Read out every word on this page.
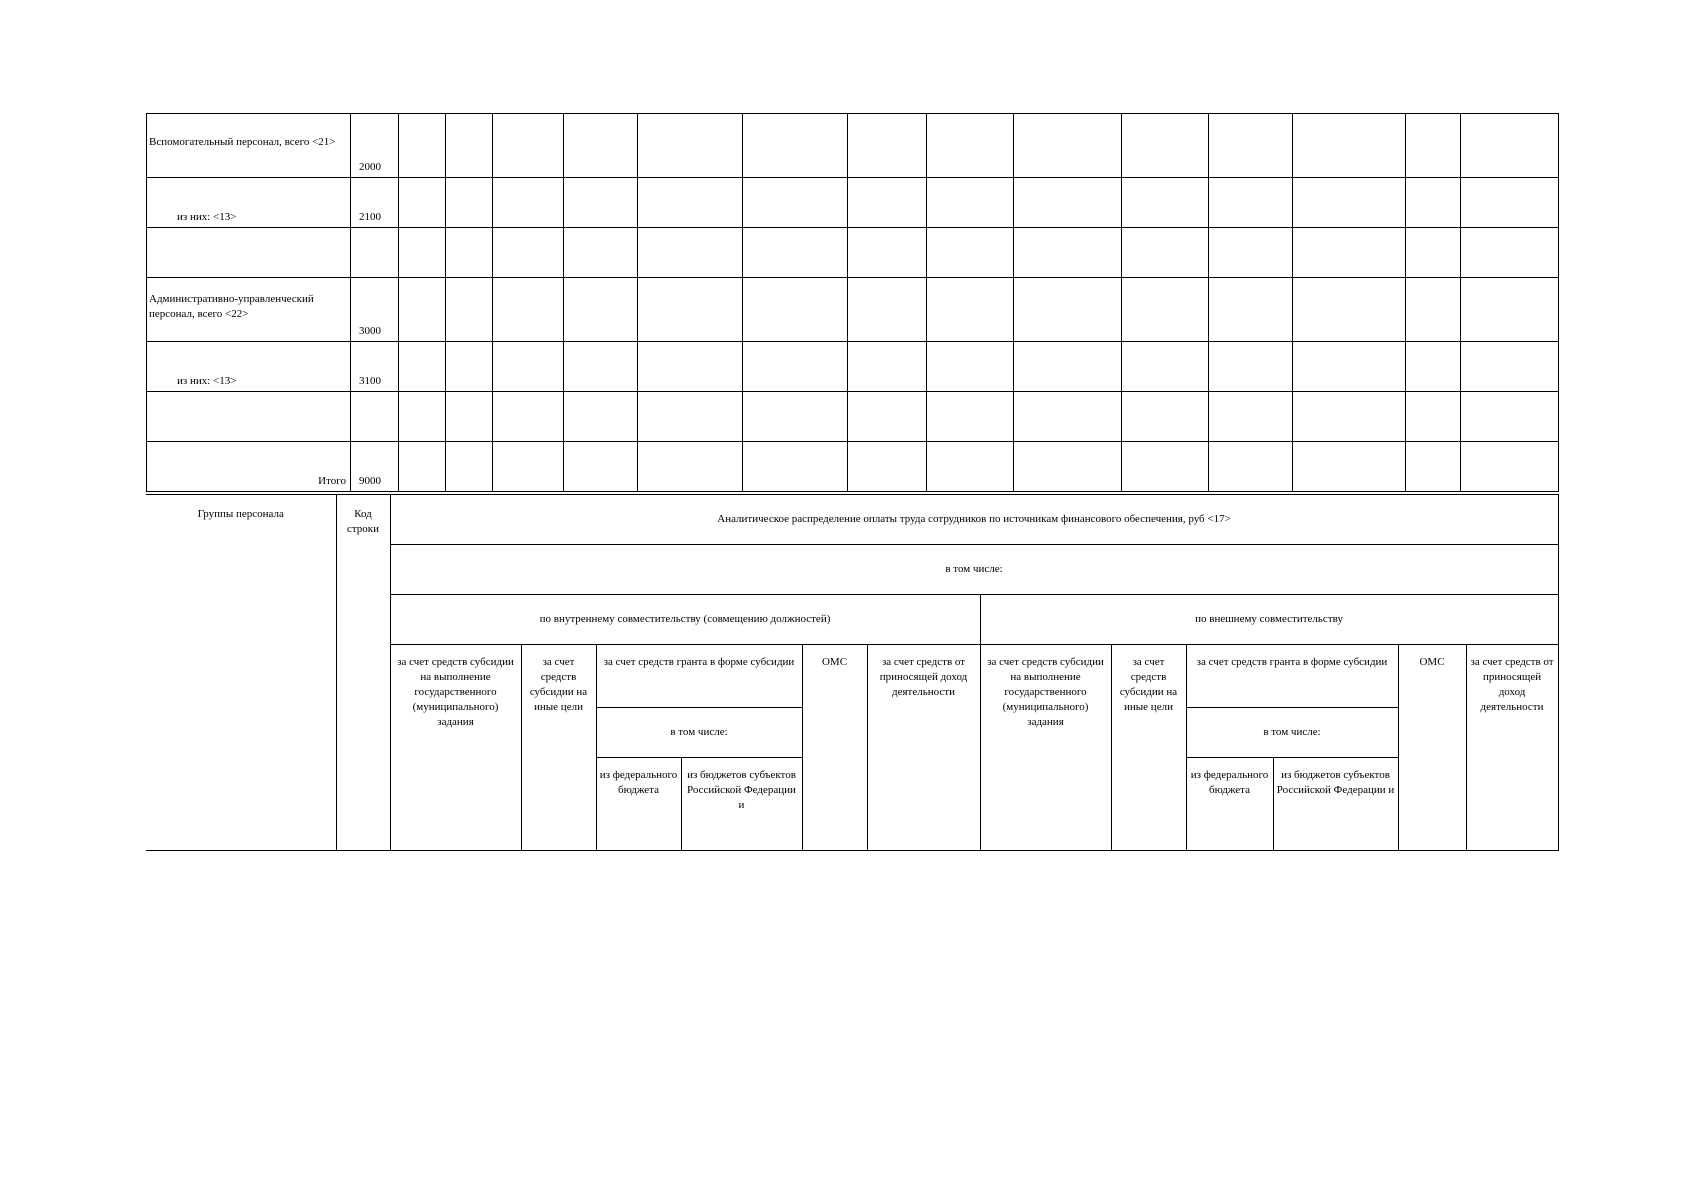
Вспомогательный персонал, всего <21>	2000														
из них: <13>	2100														

Административно-управленческий персонал, всего <22>	3000														
из них: <13>	3100														

Итого	9000														
Группы персонала	Код строки	Аналитическое распределение оплаты труда сотрудников по источникам финансового обеспечения, руб <17>											
		в том числе:											
		по внутреннему совместительству (совмещению должностей)						по внешнему совместительству					
		за счет средств субсидии на выполнение государственного (муниципального) задания	за счет средств субсидии на иные цели	за счет средств гранта в форме субсидии		ОМС	за счет средств от приносящей доход деятельности	за счет средств субсидии на выполнение государственного (муниципального) задания	за счет средств субсидии на иные цели	за счет средств гранта в форме субсидии		ОМС	за счет средств от приносящей доход деятельности
				в том числе:						в том числе:			
				из федерального бюджета	из бюджетов субъектов Российской Федерации и					из федерального бюджета	из бюджетов субъектов Российской Федерации и		
